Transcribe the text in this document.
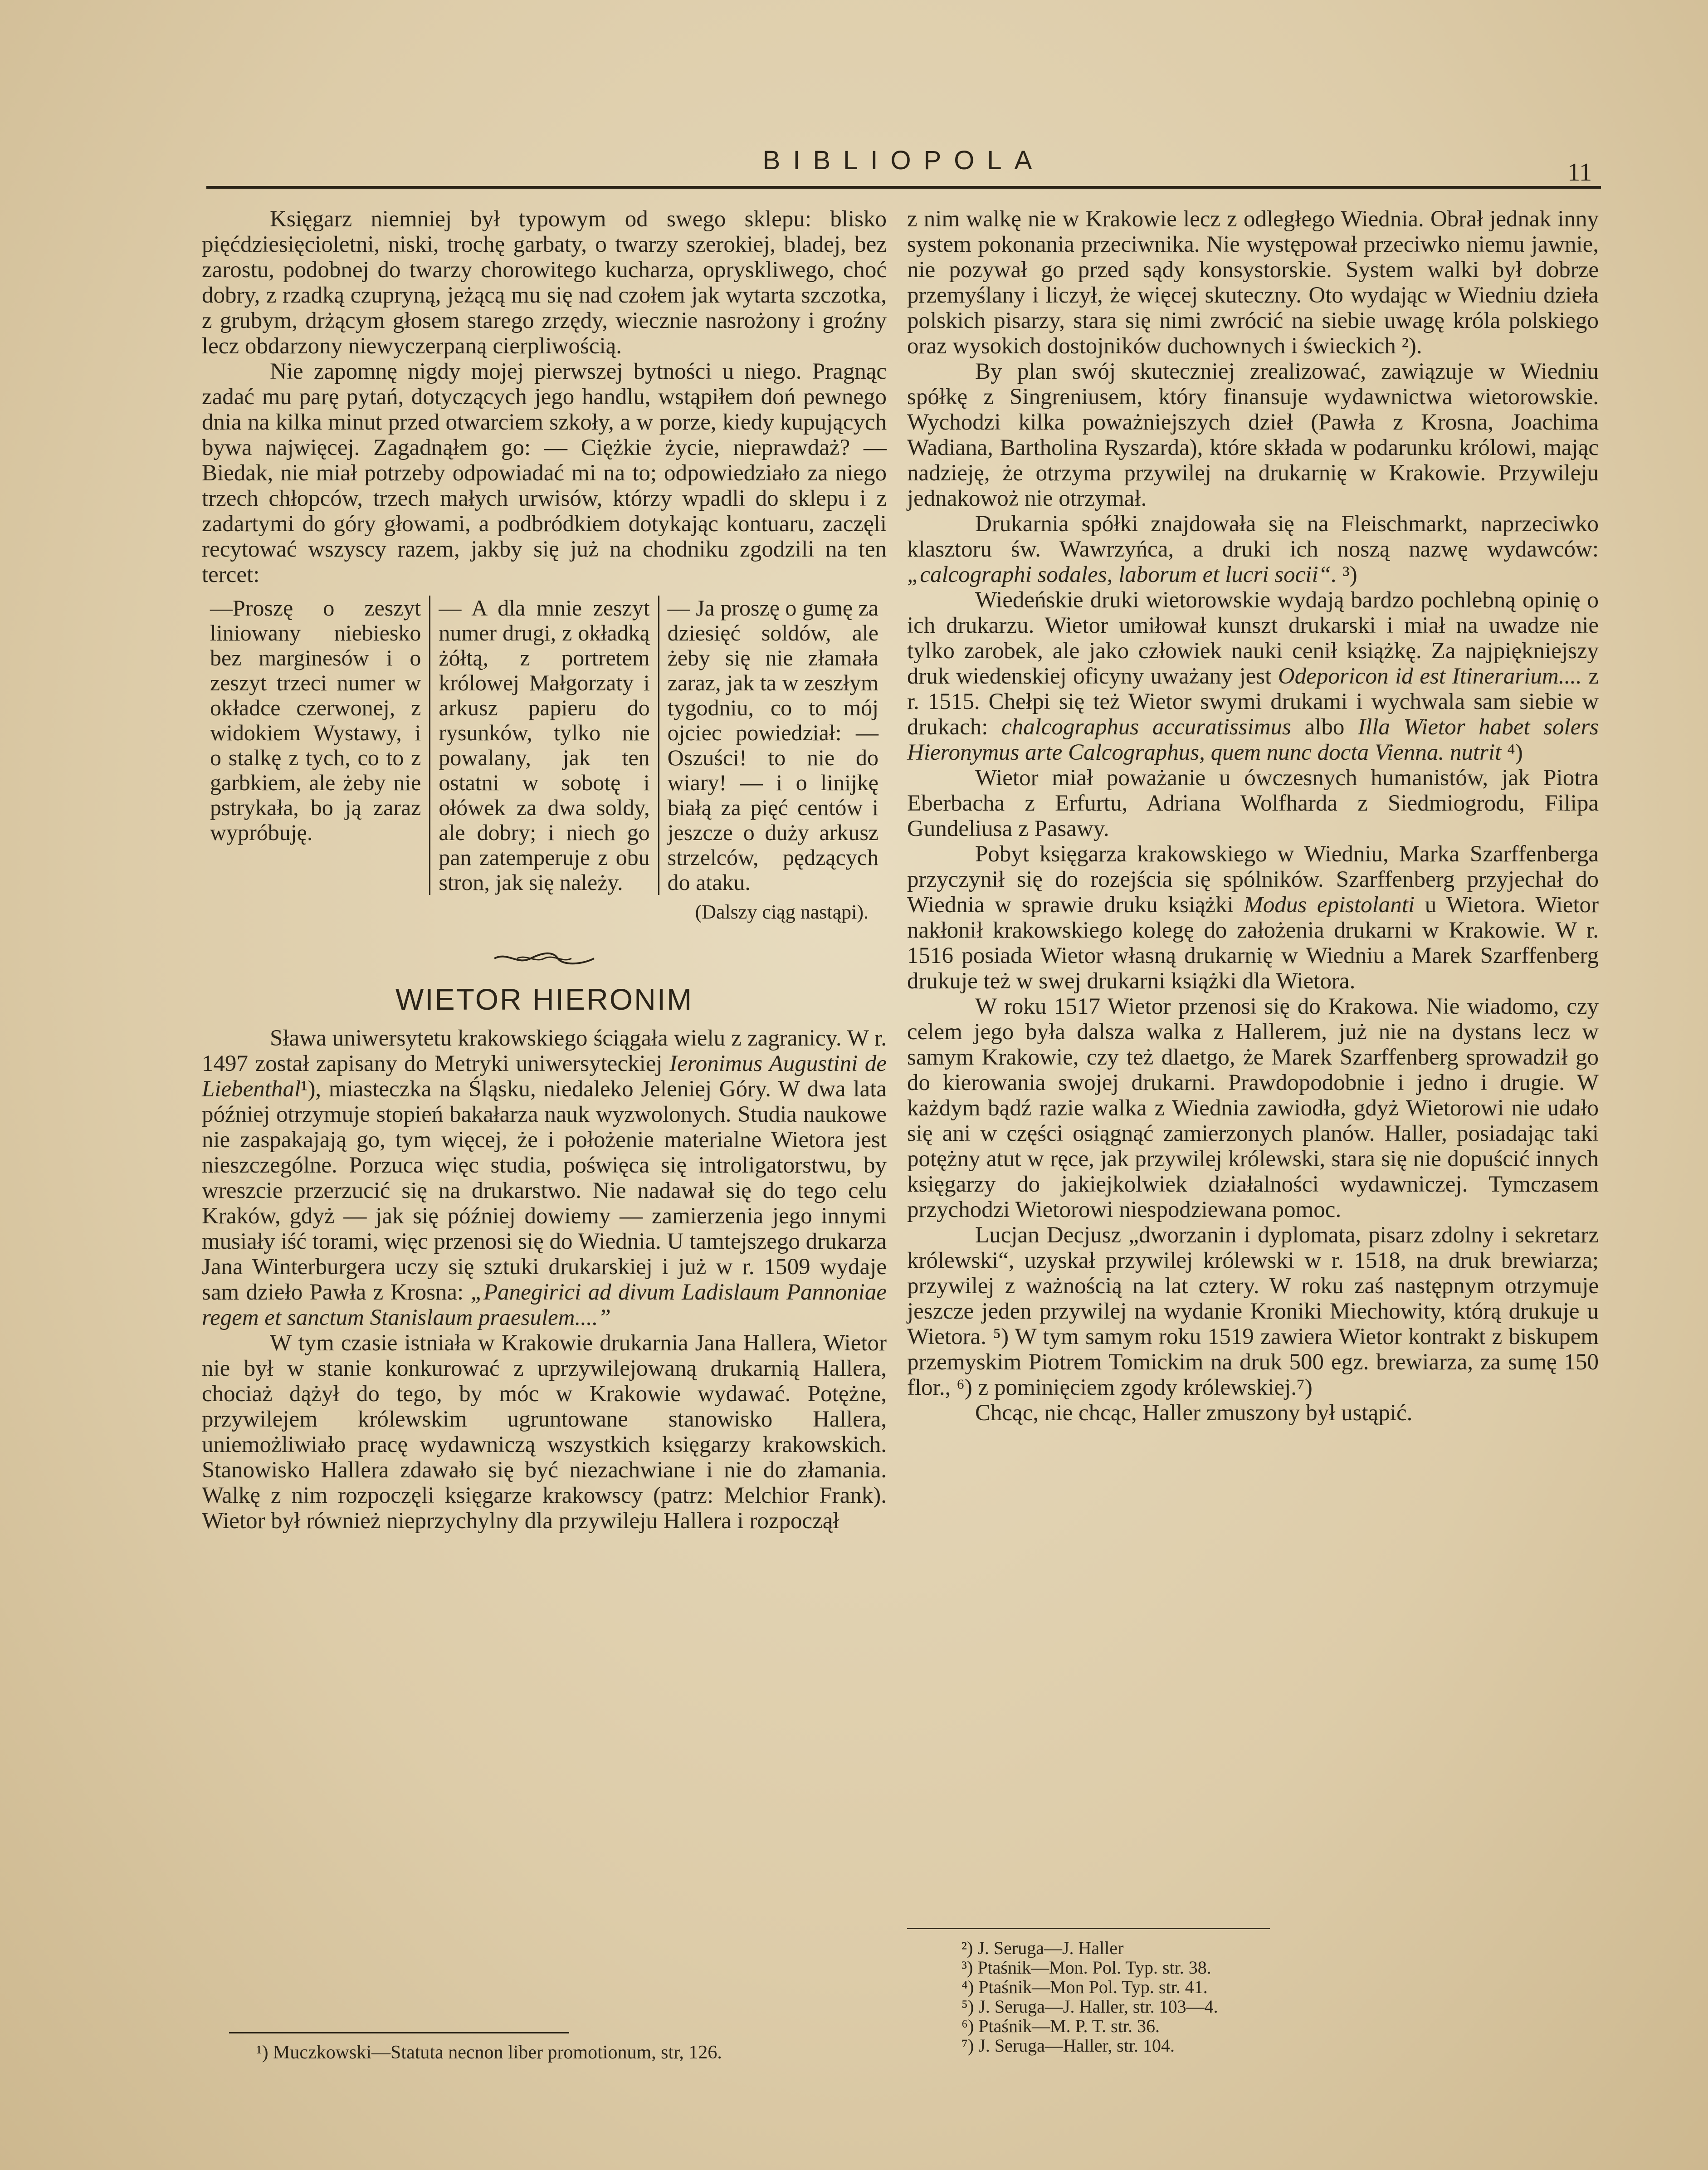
BIBLIOPOLA	11

Księgarz niemniej był typowym od swego sklepu: blisko pięćdziesięcioletni, niski, trochę garbaty, o twarzy szerokiej, bladej, bez zarostu, podobnej do twarzy chorowitego kucharza, opryskliwego, choć dobry, z rzadką czupryną, jeżącą mu się nad czołem jak wytarta szczotka, z grubym, drżącym głosem starego zrzędy, wiecznie nasrożony i groźny lecz obdarzony niewyczerpaną cierpliwością.

Nie zapomnę nigdy mojej pierwszej bytności u niego. Pragnąc zadać mu parę pytań, dotyczących jego handlu, wstąpiłem doń pewnego dnia na kilka minut przed otwarciem szkoły, a w porze, kiedy kupujących bywa najwięcej. Zagadnąłem go: — Ciężkie życie, nieprawdaż? — Biedak, nie miał potrzeby odpowiadać mi na to; odpowiedziało za niego trzech chłopców, trzech małych urwisów, którzy wpadli do sklepu i z zadartymi do góry głowami, a podbródkiem dotykając kontuaru, zaczęli recytować wszyscy razem, jakby się już na chodniku zgodzili na ten tercet:

—Proszę o zeszyt liniowany niebiesko bez marginesów i o zeszyt trzeci numer w okładce czerwonej, z widokiem Wystawy, i o stalkę z tych, co to z garbkiem, ale żeby nie pstrykała, bo ją zaraz wypróbuję.

— A dla mnie zeszyt numer drugi, z okładką żółtą, z portretem królowej Małgorzaty i arkusz papieru do rysunków, tylko nie powalany, jak ten ostatni w sobotę i ołówek za dwa soldy, ale dobry; i niech go pan zatemperuje z obu stron, jak się należy.

— Ja proszę o gumę za dziesięć soldów, ale żeby się nie złamała zaraz, jak ta w zeszłym tygodniu, co to mój ojciec powiedział: — Oszuści! to nie do wiary! — i o linijkę białą za pięć centów i jeszcze o duży arkusz strzelców, pędzących do ataku.

(Dalszy ciąg nastąpi).
WIETOR HIERONIM

Sława uniwersytetu krakowskiego ściągała wielu z zagranicy. W r. 1497 został zapisany do Metryki uniwersyteckiej Ieronimus Augustini de Liebenthal¹), miasteczka na Śląsku, niedaleko Jeleniej Góry. W dwa lata później otrzymuje stopień bakałarza nauk wyzwolonych. Studia naukowe nie zaspakajają go, tym więcej, że i położenie materialne Wietora jest nieszczególne. Porzuca więc studia, poświęca się introligatorstwu, by wreszcie przerzucić się na drukarstwo. Nie nadawał się do tego celu Kraków, gdyż — jak się później dowiemy — zamierzenia jego innymi musiały iść torami, więc przenosi się do Wiednia. U tamtejszego drukarza Jana Winterburgera uczy się sztuki drukarskiej i już w r. 1509 wydaje sam dzieło Pawła z Krosna: „Panegirici ad divum Ladislaum Pannoniae regem et sanctum Stanislaum praesulem....”

W tym czasie istniała w Krakowie drukarnia Jana Hallera, Wietor nie był w stanie konkurować z uprzywilejowaną drukarnią Hallera, chociaż dążył do tego, by móc w Krakowie wydawać. Potężne, przywilejem królewskim ugruntowane stanowisko Hallera, uniemożliwiało pracę wydawniczą wszystkich księgarzy krakowskich. Stanowisko Hallera zdawało się być niezachwiane i nie do złamania. Walkę z nim rozpoczęli księgarze krakowscy (patrz: Melchior Frank). Wietor był również nieprzychylny dla przywileju Hallera i rozpoczął

¹) Muczkowski—Statuta necnon liber promotionum, str, 126.

z nim walkę nie w Krakowie lecz z odległego Wiednia. Obrał jednak inny system pokonania przeciwnika. Nie występował przeciwko niemu jawnie, nie pozywał go przed sądy konsystorskie. System walki był dobrze przemyślany i liczył, że więcej skuteczny. Oto wydając w Wiedniu dzieła polskich pisarzy, stara się nimi zwrócić na siebie uwagę króla polskiego oraz wysokich dostojników duchownych i świeckich ²).

By plan swój skuteczniej zrealizować, zawiązuje w Wiedniu spółkę z Singreniusem, który finansuje wydawnictwa wietorowskie. Wychodzi kilka poważniejszych dzieł (Pawła z Krosna, Joachima Wadiana, Bartholina Ryszarda), które składa w podarunku królowi, mając nadzieję, że otrzyma przywilej na drukarnię w Krakowie. Przywileju jednakowoż nie otrzymał.

Drukarnia spółki znajdowała się na Fleischmarkt, naprzeciwko klasztoru św. Wawrzyńca, a druki ich noszą nazwę wydawców: „calcographi sodales, laborum et lucri socii“. ³)

Wiedeńskie druki wietorowskie wydają bardzo pochlebną opinię o ich drukarzu. Wietor umiłował kunszt drukarski i miał na uwadze nie tylko zarobek, ale jako człowiek nauki cenił książkę. Za najpiękniejszy druk wiedenskiej oficyny uważany jest Odeporicon id est Itinerarium.... z r. 1515. Chełpi się też Wietor swymi drukami i wychwala sam siebie w drukach: chalcographus accuratissimus albo Illa Wietor habet solers Hieronymus arte Calcographus, quem nunc docta Vienna. nutrit ⁴)

Wietor miał poważanie u ówczesnych humanistów, jak Piotra Eberbacha z Erfurtu, Adriana Wolfharda z Siedmiogrodu, Filipa Gundeliusa z Pasawy.

Pobyt księgarza krakowskiego w Wiedniu, Marka Szarffenberga przyczynił się do rozejścia się spólników. Szarffenberg przyjechał do Wiednia w sprawie druku książki Modus epistolanti u Wietora. Wietor nakłonił krakowskiego kolegę do założenia drukarni w Krakowie. W r. 1516 posiada Wietor własną drukarnię w Wiedniu a Marek Szarffenberg drukuje też w swej drukarni książki dla Wietora.

W roku 1517 Wietor przenosi się do Krakowa. Nie wiadomo, czy celem jego była dalsza walka z Hallerem, już nie na dystans lecz w samym Krakowie, czy też dlaetgo, że Marek Szarffenberg sprowadził go do kierowania swojej drukarni. Prawdopodobnie i jedno i drugie. W każdym bądź razie walka z Wiednia zawiodła, gdyż Wietorowi nie udało się ani w części osiągnąć zamierzonych planów. Haller, posiadając taki potężny atut w ręce, jak przywilej królewski, stara się nie dopuścić innych księgarzy do jakiejkolwiek działalności wydawniczej. Tymczasem przychodzi Wietorowi niespodziewana pomoc.

Lucjan Decjusz „dworzanin i dyplomata, pisarz zdolny i sekretarz królewski“, uzyskał przywilej królewski w r. 1518, na druk brewiarza; przywilej z ważnością na lat cztery. W roku zaś następnym otrzymuje jeszcze jeden przywilej na wydanie Kroniki Miechowity, którą drukuje u Wietora. ⁵) W tym samym roku 1519 zawiera Wietor kontrakt z biskupem przemyskim Piotrem Tomickim na druk 500 egz. brewiarza, za sumę 150 flor., ⁶) z pominięciem zgody królewskiej.⁷)

Chcąc, nie chcąc, Haller zmuszony był ustąpić.

²) J. Seruga—J. Haller
³) Ptaśnik—Mon. Pol. Typ. str. 38.
⁴) Ptaśnik—Mon Pol. Typ. str. 41.
⁵) J. Seruga—J. Haller, str. 103—4.
⁶) Ptaśnik—M. P. T. str. 36.
⁷) J. Seruga—Haller, str. 104.
